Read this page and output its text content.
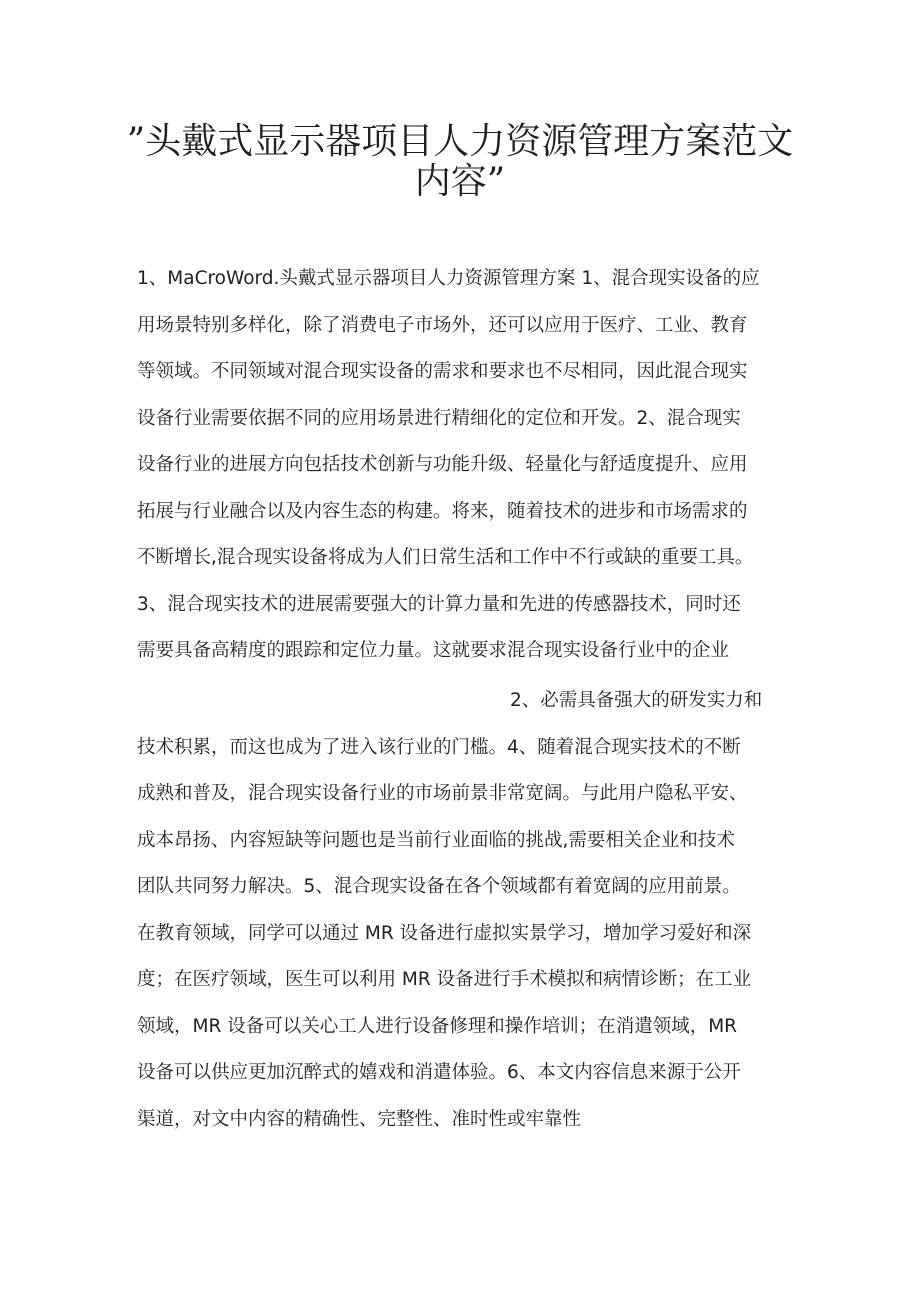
”头戴式显示器项目人力资源管理方案范文
内容”
1、MaCroWord.头戴式显示器项目人力资源管理方案 1、混合现实设备的应
用场景特别多样化，除了消费电子市场外，还可以应用于医疗、工业、教育
等领域。不同领域对混合现实设备的需求和要求也不尽相同，因此混合现实
设备行业需要依据不同的应用场景进行精细化的定位和开发。2、混合现实
设备行业的进展方向包括技术创新与功能升级、轻量化与舒适度提升、应用
拓展与行业融合以及内容生态的构建。将来，随着技术的进步和市场需求的
不断增长,混合现实设备将成为人们日常生活和工作中不行或缺的重要工具。
3、混合现实技术的进展需要强大的计算力量和先进的传感器技术，同时还
需要具备高精度的跟踪和定位力量。这就要求混合现实设备行业中的企业
2、必需具备强大的研发实力和
技术积累，而这也成为了进入该行业的门槛。4、随着混合现实技术的不断
成熟和普及，混合现实设备行业的市场前景非常宽阔。与此用户隐私平安、
成本昂扬、内容短缺等问题也是当前行业面临的挑战,需要相关企业和技术
团队共同努力解决。5、混合现实设备在各个领域都有着宽阔的应用前景。
在教育领域，同学可以通过 MR 设备进行虚拟实景学习，增加学习爱好和深
度；在医疗领域，医生可以利用 MR 设备进行手术模拟和病情诊断；在工业
领域，MR 设备可以关心工人进行设备修理和操作培训；在消遣领域，MR
设备可以供应更加沉醉式的嬉戏和消遣体验。6、本文内容信息来源于公开
渠道，对文中内容的精确性、完整性、准时性或牢靠性
